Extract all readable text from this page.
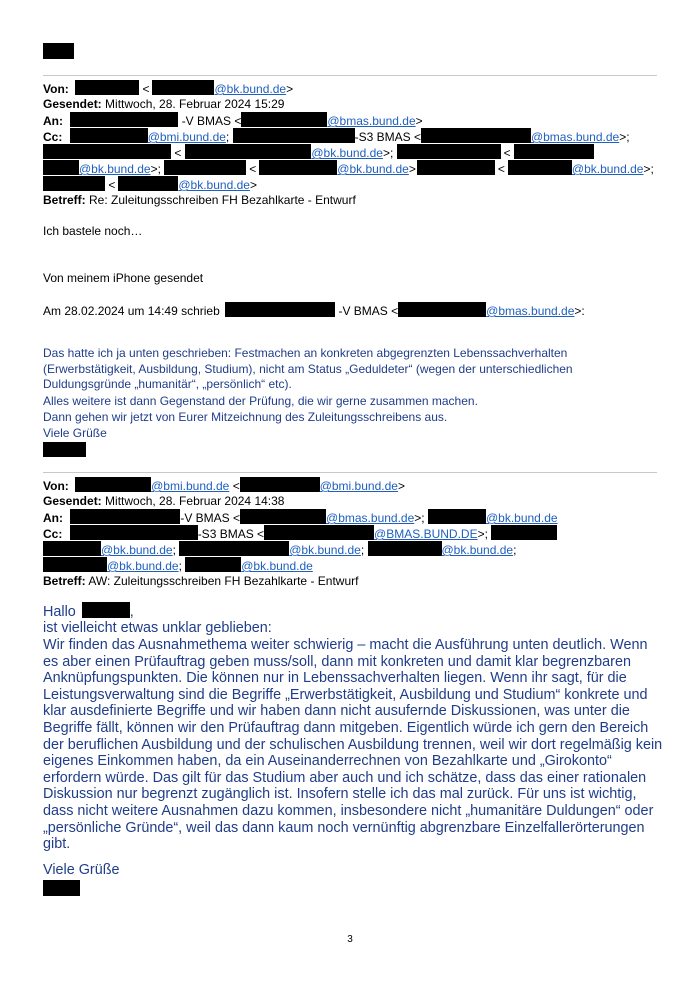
Von:	<	@bk.bund.de>
Gesendet: Mittwoch, 28. Februar 2024 15:29
An:	-V BMAS <	@bmas.bund.de>
Cc:	@bmi.bund.de;	-S3 BMAS <	@bmas.bund.de>;
<	@bk.bund.de>;	<
@bk.bund.de>;	<	@bk.bund.de>	<	@bk.bund.de>;
<	@bk.bund.de>
Betreff: Re: Zuleitungsschreiben FH Bezahlkarte - Entwurf
Ich bastele noch…
Von meinem iPhone gesendet
Am 28.02.2024 um 14:49 schrieb	-V BMAS <	@bmas.bund.de>:
Das hatte ich ja unten geschrieben: Festmachen an konkreten abgegrenzten Lebenssachverhalten (Erwerbstätigkeit, Ausbildung, Studium), nicht am Status „Geduldeter“ (wegen der unterschiedlichen Duldungsgründe „humanitär“, „persönlich“ etc).
Alles weitere ist dann Gegenstand der Prüfung, die wir gerne zusammen machen.
Dann gehen wir jetzt von Eurer Mitzeichnung des Zuleitungsschreibens aus.
Viele Grüße
Von:	@bmi.bund.de <	@bmi.bund.de>
Gesendet: Mittwoch, 28. Februar 2024 14:38
An:	-V BMAS <	@bmas.bund.de>;	@bk.bund.de
Cc:	-S3 BMAS <	@BMAS.BUND.DE>;
@bk.bund.de;	@bk.bund.de;	@bk.bund.de;
@bk.bund.de;	@bk.bund.de
Betreff: AW: Zuleitungsschreiben FH Bezahlkarte - Entwurf
Hallo	,
ist vielleicht etwas unklar geblieben:
Wir finden das Ausnahmethema weiter schwierig – macht die Ausführung unten deutlich. Wenn es aber einen Prüfauftrag geben muss/soll, dann mit konkreten und damit klar begrenzbaren Anknüpfungspunkten. Die können nur in Lebenssachverhalten liegen. Wenn ihr sagt, für die Leistungsverwaltung sind die Begriffe „Erwerbstätigkeit, Ausbildung und Studium“ konkrete und klar ausdefinierte Begriffe und wir haben dann nicht ausufernde Diskussionen, was unter die Begriffe fällt, können wir den Prüfauftrag dann mitgeben. Eigentlich würde ich gern den Bereich der beruflichen Ausbildung und der schulischen Ausbildung trennen, weil wir dort regelmäßig kein eigenes Einkommen haben, da ein Auseinanderrechnen von Bezahlkarte und „Girokonto“ erfordern würde. Das gilt für das Studium aber auch und ich schätze, dass das einer rationalen Diskussion nur begrenzt zugänglich ist. Insofern stelle ich das mal zurück. Für uns ist wichtig, dass nicht weitere Ausnahmen dazu kommen, insbesondere nicht „humanitäre Duldungen“ oder „persönliche Gründe“, weil das dann kaum noch vernünftig abgrenzbare Einzelfallerörterungen gibt.
Viele Grüße
3
